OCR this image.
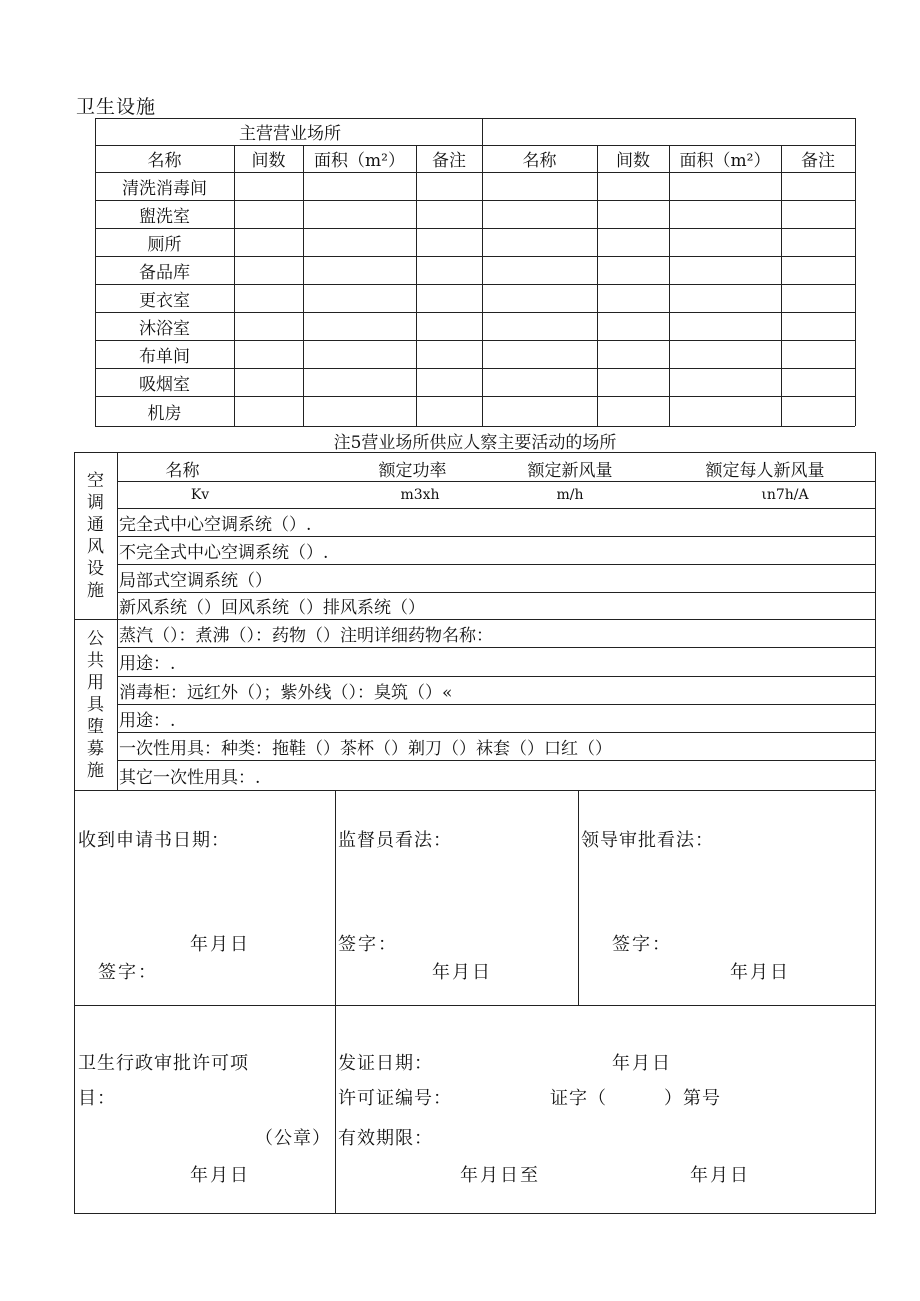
卫生设施
主营营业场所
名称	间数	面积（m²）	备注	名称	间数	面积（m²）	备注
清洗消毒间
盥洗室
厕所
备品库
更衣室
沐浴室
布单间
吸烟室
机房
注5营业场所供应人察主要活动的场所
空
调
通
风
设
施
公
共
用
具
堕
募
施
名称	额定功率	额定新风量	额定每人新风量
Kv	m3xh	m/h	ιn7h/A
完全式中心空调系统（）.
不完全式中心空调系统（）.
局部式空调系统（）
新风系统（）回风系统（）排风系统（）
蒸汽（）：煮沸（）：药物（）注明详细药物名称：
用途：.
消毒柜：远红外（）；紫外线（）：臭筑（）«
用途：.
一次性用具：种类：拖鞋（）茶杯（）剃刀（）袜套（）口红（）
其它一次性用具：.
收到申请书日期：
年月日
签字：
监督员看法：
签字：
年月日
领导审批看法：
签字：
年月日
卫生行政审批许可项
目：
（公章）
年月日
发证日期：	年月日
许可证编号：	证字（　　　）第号
有效期限：
年月日至	年月日
